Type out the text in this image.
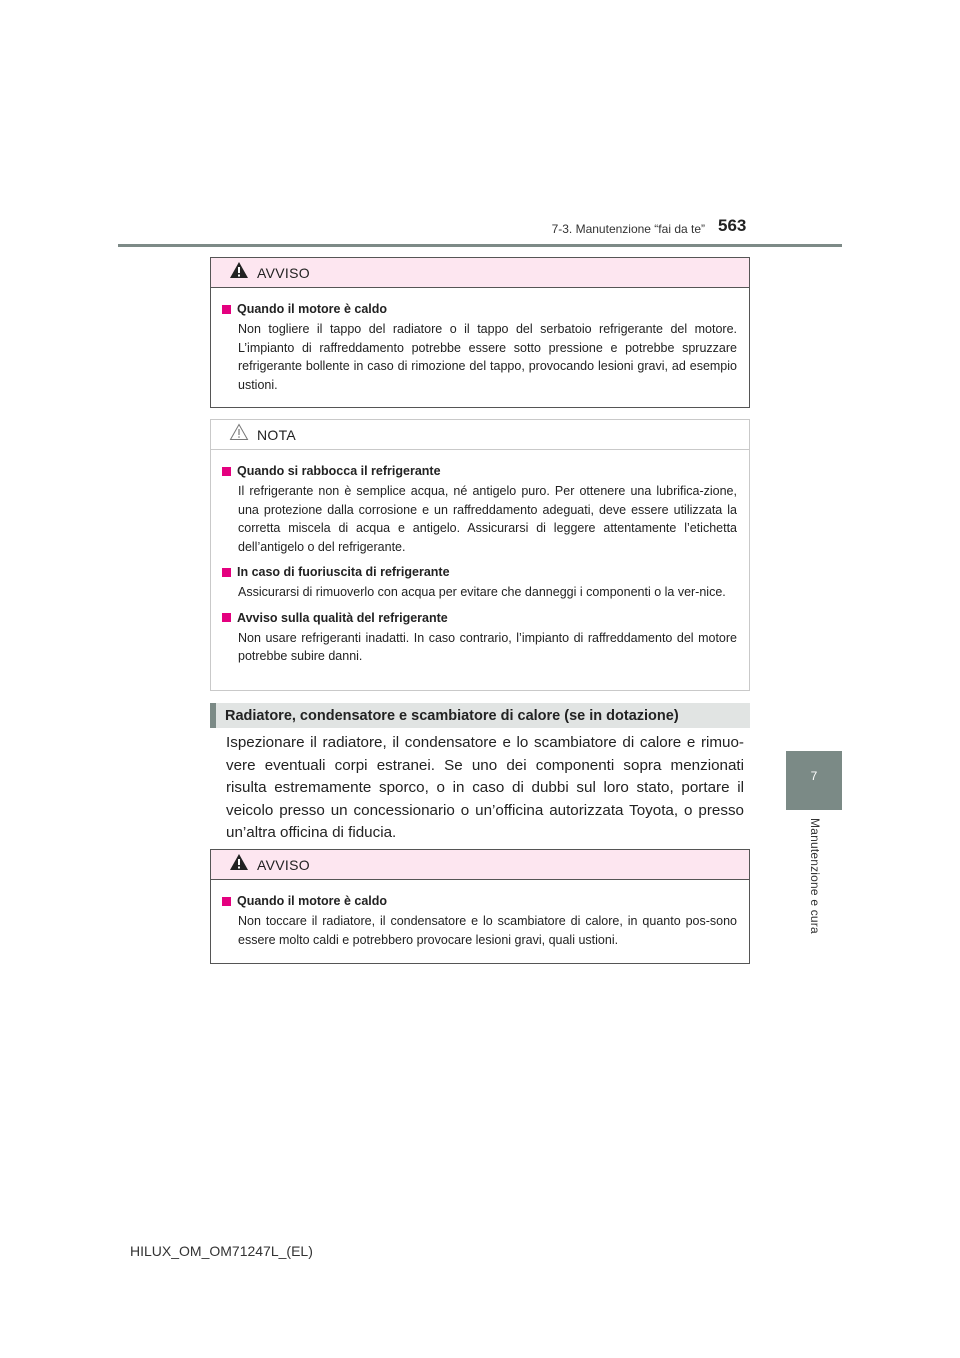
7-3. Manutenzione “fai da te” 563
7
Manutenzione e cura
AVVISO
Quando il motore è caldo
Non togliere il tappo del radiatore o il tappo del serbatoio refrigerante del motore. L’impianto di raffreddamento potrebbe essere sotto pressione e potrebbe spruzzare refrigerante bollente in caso di rimozione del tappo, provocando lesioni gravi, ad esempio ustioni.
NOTA
Quando si rabbocca il refrigerante
Il refrigerante non è semplice acqua, né antigelo puro. Per ottenere una lubrifica-zione, una protezione dalla corrosione e un raffreddamento adeguati, deve essere utilizzata la corretta miscela di acqua e antigelo. Assicurarsi di leggere attentamente l’etichetta dell’antigelo o del refrigerante.
In caso di fuoriuscita di refrigerante
Assicurarsi di rimuoverlo con acqua per evitare che danneggi i componenti o la ver-nice.
Avviso sulla qualità del refrigerante
Non usare refrigeranti inadatti. In caso contrario, l’impianto di raffreddamento del motore potrebbe subire danni.
Radiatore, condensatore e scambiatore di calore (se in dotazione)
Ispezionare il radiatore, il condensatore e lo scambiatore di calore e rimuo-vere eventuali corpi estranei. Se uno dei componenti sopra menzionati risulta estremamente sporco, o in caso di dubbi sul loro stato, portare il veicolo presso un concessionario o un’officina autorizzata Toyota, o presso un’altra officina di fiducia.
AVVISO
Quando il motore è caldo
Non toccare il radiatore, il condensatore e lo scambiatore di calore, in quanto pos-sono essere molto caldi e potrebbero provocare lesioni gravi, quali ustioni.
HILUX_OM_OM71247L_(EL)
